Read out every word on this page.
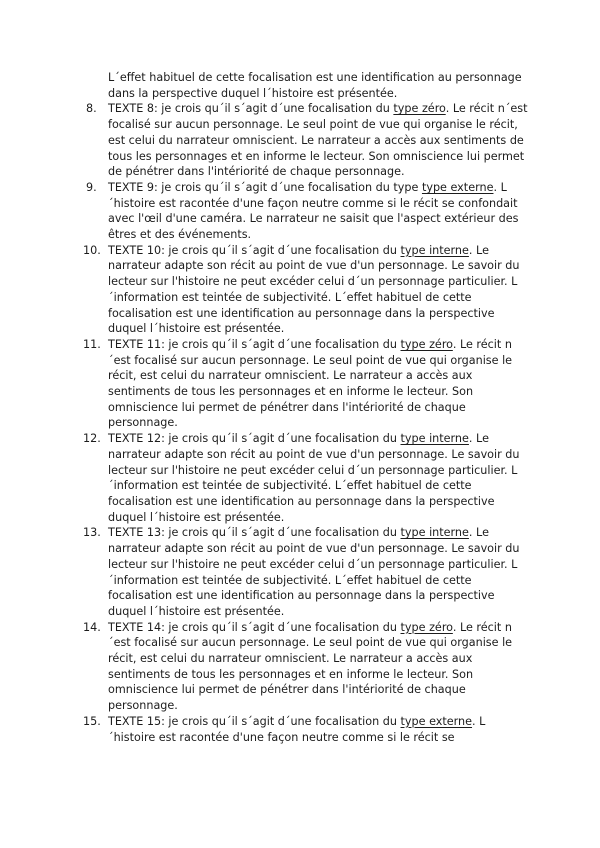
L´effet habituel de cette focalisation est une identification au personnage dans la perspective duquel l´histoire est présentée.

8.	TEXTE 8: je crois qu´il s´agit d´une focalisation du type zéro. Le récit n´est focalisé sur aucun personnage. Le seul point de vue qui organise le récit, est celui du narrateur omniscient. Le narrateur a accès aux sentiments de tous les personnages et en informe le lecteur. Son omniscience lui permet de pénétrer dans l'intériorité de chaque personnage.
9.	TEXTE 9: je crois qu´il s´agit d´une focalisation du type type externe. L´histoire est racontée d'une façon neutre comme si le récit se confondait avec l'œil d'une caméra. Le narrateur ne saisit que l'aspect extérieur des êtres et des événements.
10. TEXTE 10: je crois qu´il s´agit d´une focalisation du type interne. Le narrateur adapte son récit au point de vue d'un personnage. Le savoir du lecteur sur l'histoire ne peut excéder celui d´un personnage particulier. L´information est teintée de subjectivité. L´effet habituel de cette focalisation est une identification au personnage dans la perspective duquel l´histoire est présentée.
11. TEXTE 11: je crois qu´il s´agit d´une focalisation du type zéro. Le récit n´est focalisé sur aucun personnage. Le seul point de vue qui organise le récit, est celui du narrateur omniscient. Le narrateur a accès aux sentiments de tous les personnages et en informe le lecteur. Son omniscience lui permet de pénétrer dans l'intériorité de chaque personnage.
12. TEXTE 12: je crois qu´il s´agit d´une focalisation du type interne. Le narrateur adapte son récit au point de vue d'un personnage. Le savoir du lecteur sur l'histoire ne peut excéder celui d´un personnage particulier. L´information est teintée de subjectivité. L´effet habituel de cette focalisation est une identification au personnage dans la perspective duquel l´histoire est présentée.
13. TEXTE 13: je crois qu´il s´agit d´une focalisation du type interne. Le narrateur adapte son récit au point de vue d'un personnage. Le savoir du lecteur sur l'histoire ne peut excéder celui d´un personnage particulier. L´information est teintée de subjectivité. L´effet habituel de cette focalisation est une identification au personnage dans la perspective duquel l´histoire est présentée.
14. TEXTE 14: je crois qu´il s´agit d´une focalisation du type zéro. Le récit n´est focalisé sur aucun personnage. Le seul point de vue qui organise le récit, est celui du narrateur omniscient. Le narrateur a accès aux sentiments de tous les personnages et en informe le lecteur. Son omniscience lui permet de pénétrer dans l'intériorité de chaque personnage.
15. TEXTE 15: je crois qu´il s´agit d´une focalisation du type externe. L´histoire est racontée d'une façon neutre comme si le récit se
